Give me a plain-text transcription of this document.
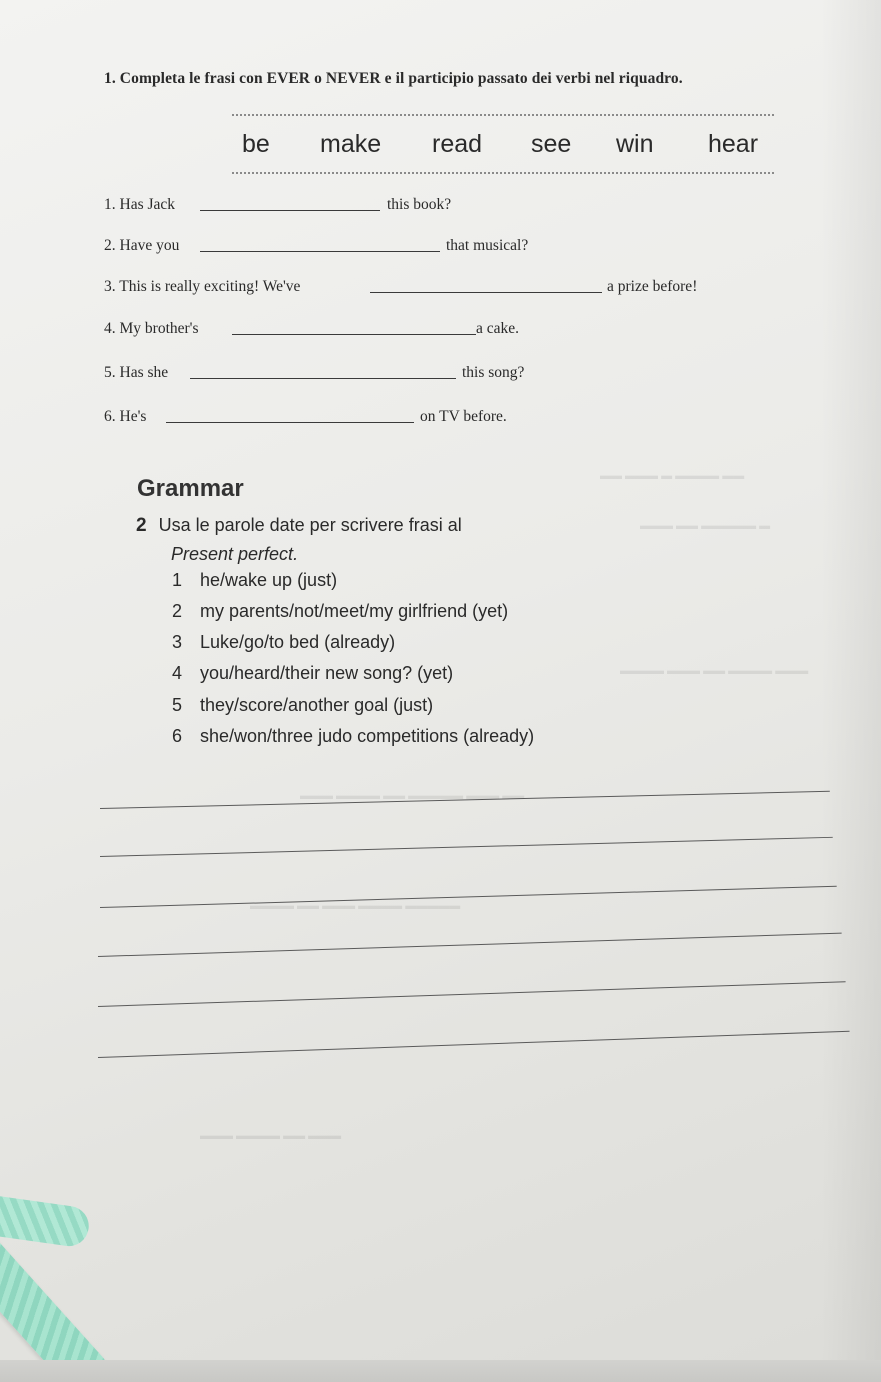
▬▬ ▬▬▬ ▬ ▬▬▬▬ ▬▬
▬▬▬ ▬▬ ▬▬▬▬▬ ▬
▬▬▬▬ ▬▬▬ ▬▬ ▬▬▬▬ ▬▬▬
▬▬▬ ▬▬▬▬ ▬▬ ▬▬▬▬▬ ▬▬▬ ▬▬
▬▬▬▬ ▬▬ ▬▬▬ ▬▬▬▬ ▬▬▬▬▬
▬▬▬ ▬▬▬▬ ▬▬ ▬▬▬
1. Completa le frasi con EVER o NEVER e il participio passato dei verbi nel riquadro.
be make read see win hear
1. Has Jack	this book?
2. Have you	that musical?
3. This is really exciting! We've	a prize before!
4. My brother's	a cake.
5. Has she	this song?
6. He's	on TV before.
Grammar
2 Usa le parole date per scrivere frasi al
Present perfect.
1 he/wake up (just)
2 my parents/not/meet/my girlfriend (yet)
3 Luke/go/to bed (already)
4 you/heard/their new song? (yet)
5 they/score/another goal (just)
6 she/won/three judo competitions (already)
